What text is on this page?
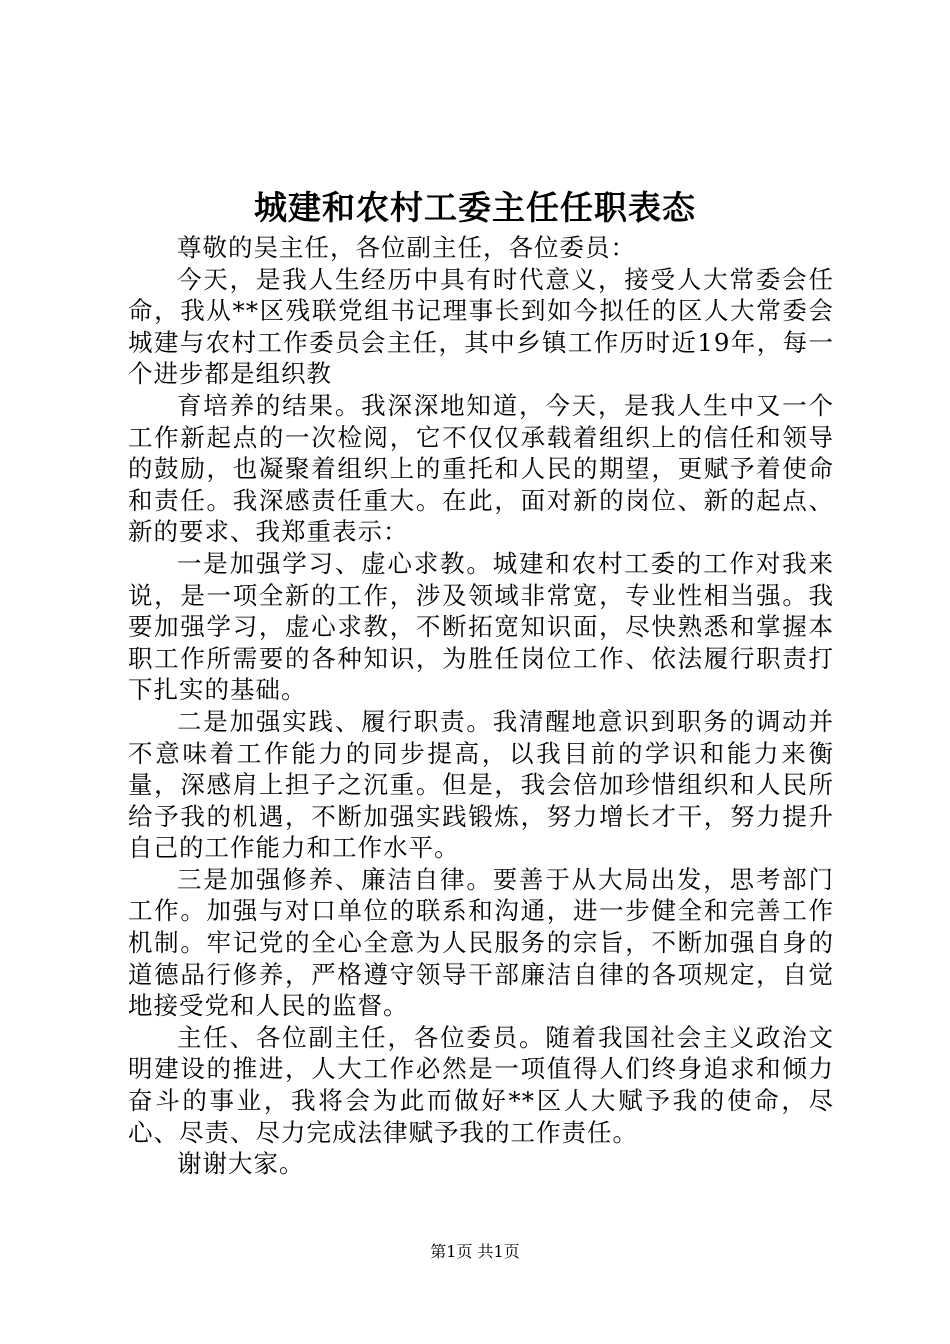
城建和农村工委主任任职表态

尊敬的吴主任，各位副主任，各位委员：

今天，是我人生经历中具有时代意义，接受人大常委会任命，我从**区残联党组书记理事长到如今拟任的区人大常委会城建与农村工作委员会主任，其中乡镇工作历时近19年，每一个进步都是组织教

育培养的结果。我深深地知道，今天，是我人生中又一个工作新起点的一次检阅，它不仅仅承载着组织上的信任和领导的鼓励，也凝聚着组织上的重托和人民的期望，更赋予着使命和责任。我深感责任重大。在此，面对新的岗位、新的起点、新的要求、我郑重表示：

一是加强学习、虚心求教。城建和农村工委的工作对我来说，是一项全新的工作，涉及领域非常宽，专业性相当强。我要加强学习，虚心求教，不断拓宽知识面，尽快熟悉和掌握本职工作所需要的各种知识，为胜任岗位工作、依法履行职责打下扎实的基础。

二是加强实践、履行职责。我清醒地意识到职务的调动并不意味着工作能力的同步提高，以我目前的学识和能力来衡量，深感肩上担子之沉重。但是，我会倍加珍惜组织和人民所给予我的机遇，不断加强实践锻炼，努力增长才干，努力提升自己的工作能力和工作水平。

三是加强修养、廉洁自律。要善于从大局出发，思考部门工作。加强与对口单位的联系和沟通，进一步健全和完善工作机制。牢记党的全心全意为人民服务的宗旨，不断加强自身的道德品行修养，严格遵守领导干部廉洁自律的各项规定，自觉地接受党和人民的监督。

主任、各位副主任，各位委员。随着我国社会主义政治文明建设的推进，人大工作必然是一项值得人们终身追求和倾力奋斗的事业，我将会为此而做好**区人大赋予我的使命，尽心、尽责、尽力完成法律赋予我的工作责任。

谢谢大家。

第1页 共1页
